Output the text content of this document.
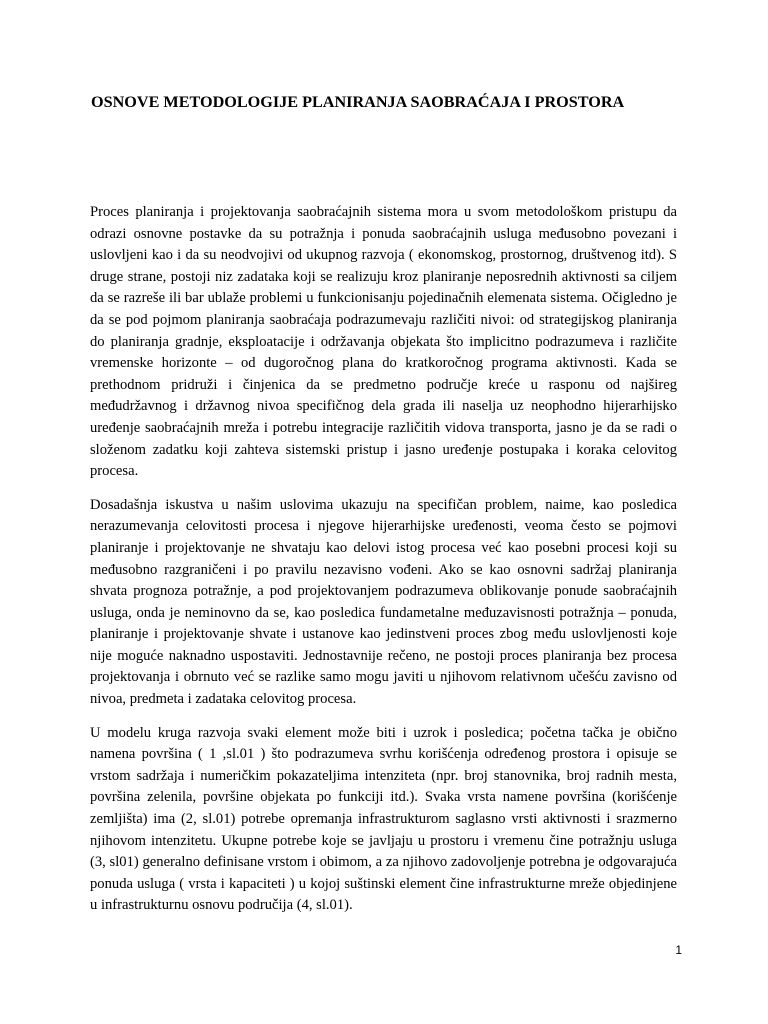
OSNOVE METODOLOGIJE PLANIRANJA SAOBRAĆAJA I PROSTORA

Proces planiranja i projektovanja saobraćajnih sistema mora u svom metodološkom pristupu da odrazi osnovne postavke da su potražnja i ponuda saobraćajnih usluga međusobno povezani i uslovljeni kao i da su neodvojivi od ukupnog razvoja ( ekonomskog, prostornog, društvenog itd). S druge strane, postoji niz zadataka koji se realizuju kroz planiranje neposrednih aktivnosti sa ciljem da se razreše ili bar ublaže problemi u funkcionisanju pojedinačnih elemenata sistema. Očigledno je da se pod pojmom planiranja saobraćaja podrazumevaju različiti nivoi: od strategijskog planiranja do planiranja gradnje, eksploatacije i održavanja objekata što implicitno podrazumeva i različite vremenske horizonte – od dugoročnog plana do kratkoročnog programa aktivnosti. Kada se prethodnom pridruži i činjenica da se predmetno područje kreće u rasponu od najšireg međudržavnog i državnog nivoa specifičnog dela grada ili naselja uz neophodno hijerarhijsko uređenje saobraćajnih mreža i potrebu integracije različitih vidova transporta, jasno je da se radi o složenom zadatku koji zahteva sistemski pristup i jasno uređenje postupaka i koraka celovitog procesa.

Dosadašnja iskustva u našim uslovima ukazuju na specifičan problem, naime, kao posledica nerazumevanja celovitosti procesa i njegove hijerarhijske uređenosti, veoma često se pojmovi planiranje i projektovanje ne shvataju kao delovi istog procesa već kao posebni procesi koji su međusobno razgraničeni i po pravilu nezavisno vođeni. Ako se kao osnovni sadržaj planiranja shvata prognoza potražnje, a pod projektovanjem podrazumeva oblikovanje ponude saobraćajnih usluga, onda je neminovno da se, kao posledica fundametalne međuzavisnosti potražnja – ponuda, planiranje i projektovanje shvate i ustanove kao jedinstveni proces zbog među uslovljenosti koje nije moguće naknadno uspostaviti. Jednostavnije rečeno, ne postoji proces planiranja bez procesa projektovanja i obrnuto već se razlike samo mogu javiti u njihovom relativnom učešću zavisno od nivoa, predmeta i zadataka celovitog procesa.

U modelu kruga razvoja svaki element može biti i uzrok i posledica; početna tačka je obično namena površina ( 1 ,sl.01 ) što podrazumeva svrhu korišćenja određenog prostora i opisuje se vrstom sadržaja i numeričkim pokazateljima intenziteta (npr. broj stanovnika, broj radnih mesta, površina zelenila, površine objekata po funkciji itd.). Svaka vrsta namene površina (korišćenje zemljišta) ima (2, sl.01) potrebe opremanja infrastrukturom saglasno vrsti aktivnosti i srazmerno njihovom intenzitetu. Ukupne potrebe koje se javljaju u prostoru i vremenu čine potražnju usluga (3, sl01) generalno definisane vrstom i obimom, a za njihovo zadovoljenje potrebna je odgovarajuća ponuda usluga ( vrsta i kapaciteti ) u kojoj suštinski element čine infrastrukturne mreže objedinjene u infrastrukturnu osnovu područija (4, sl.01).

1
